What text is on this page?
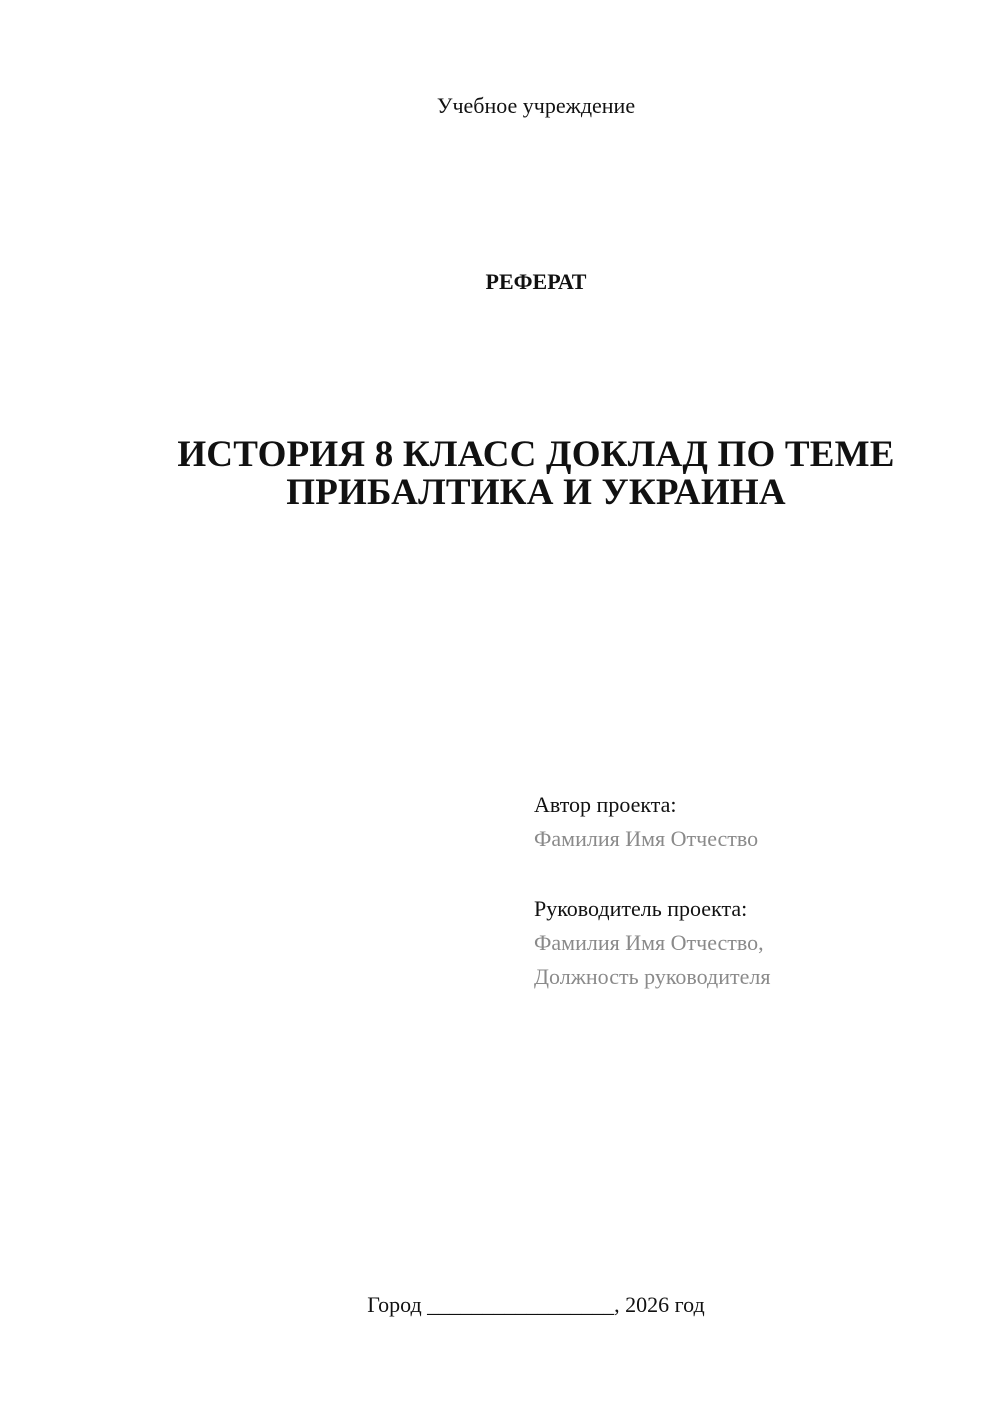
Учебное учреждение
РЕФЕРАТ
ИСТОРИЯ 8 КЛАСС ДОКЛАД ПО ТЕМЕ
ПРИБАЛТИКА И УКРАИНА
Автор проекта:
Фамилия Имя Отчество
Руководитель проекта:
Фамилия Имя Отчество,
Должность руководителя
Город _________________, 2026 год
